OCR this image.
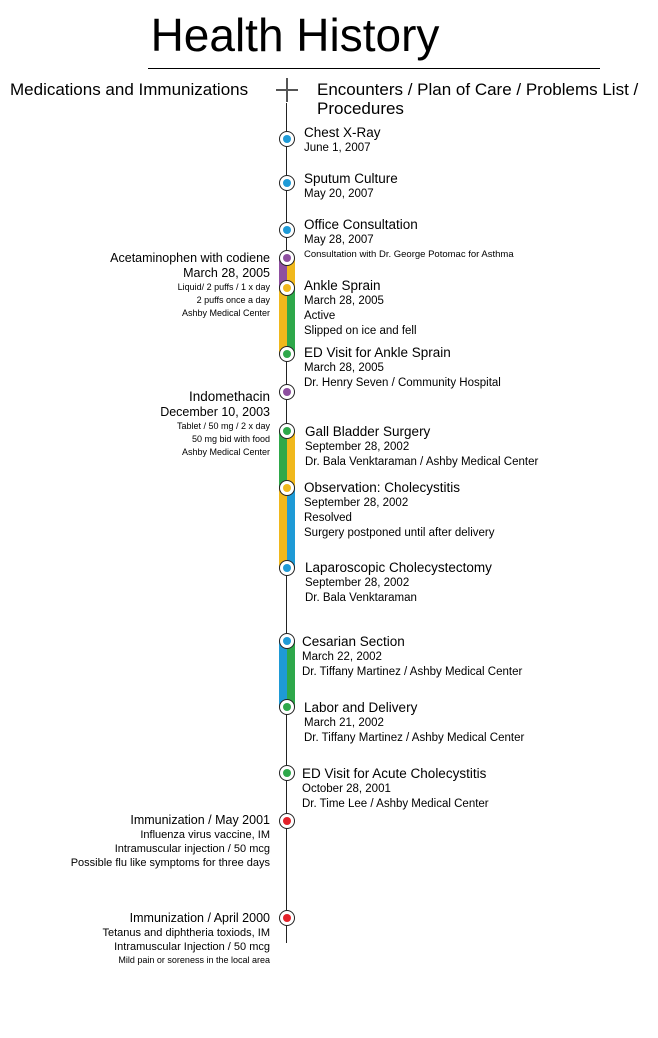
Health History
Medications and Immunizations	Encounters / Plan of Care / Problems List / Procedures
Chest X-Ray
June 1, 2007
Sputum Culture
May 20, 2007
Office Consultation
May 28, 2007
Consultation with Dr. George Potomac for Asthma
Ankle Sprain
March 28, 2005
Active
Slipped on ice and fell
ED Visit for Ankle Sprain
March 28, 2005
Dr. Henry Seven / Community Hospital
Gall Bladder Surgery
September 28, 2002
Dr. Bala Venktaraman / Ashby Medical Center
Observation: Cholecystitis
September 28, 2002
Resolved
Surgery postponed until after delivery
Laparoscopic Cholecystectomy
September 28, 2002
Dr. Bala Venktaraman
Cesarian Section
March 22, 2002
Dr. Tiffany Martinez / Ashby Medical Center
Labor and Delivery
March 21, 2002
Dr. Tiffany Martinez / Ashby Medical Center
ED Visit for Acute Cholecystitis
October 28, 2001
Dr. Time Lee / Ashby Medical Center
Acetaminophen with codiene
March 28, 2005
Liquid/ 2 puffs / 1 x day
2 puffs once a day
Ashby Medical Center
Indomethacin
December 10, 2003
Tablet / 50 mg / 2 x day
50 mg bid with food
Ashby Medical Center
Immunization / May 2001
Influenza virus vaccine, IM
Intramuscular injection / 50 mcg
Possible flu like symptoms for three days
Immunization / April 2000
Tetanus and diphtheria toxiods, IM
Intramuscular Injection / 50 mcg
Mild pain or soreness in the local area
